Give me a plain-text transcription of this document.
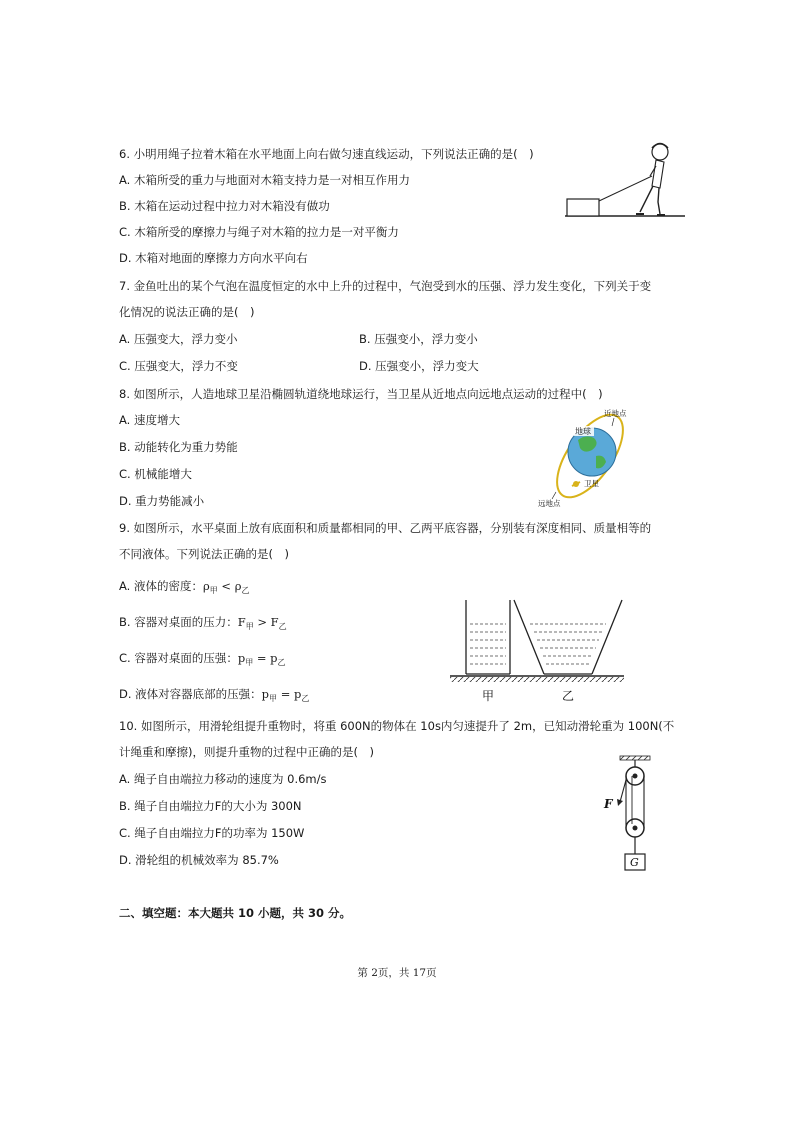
6. 小明用绳子拉着木箱在水平地面上向右做匀速直线运动，下列说法正确的是(　)
A. 木箱所受的重力与地面对木箱支持力是一对相互作用力
B. 木箱在运动过程中拉力对木箱没有做功
C. 木箱所受的摩擦力与绳子对木箱的拉力是一对平衡力
D. 木箱对地面的摩擦力方向水平向右
7. 金鱼吐出的某个气泡在温度恒定的水中上升的过程中，气泡受到水的压强、浮力发生变化，下列关于变
化情况的说法正确的是(　)
A. 压强变大，浮力变小	B. 压强变小，浮力变小
C. 压强变大，浮力不变	D. 压强变小，浮力变大
8. 如图所示，人造地球卫星沿椭圆轨道绕地球运行，当卫星从近地点向远地点运动的过程中(　)
A. 速度增大
B. 动能转化为重力势能
C. 机械能增大
D. 重力势能减小
地球
近地点
卫星
远地点
9. 如图所示，水平桌面上放有底面积和质量都相同的甲、乙两平底容器，分别装有深度相同、质量相等的
不同液体。下列说法正确的是(　)
A. 液体的密度：$\rho_甲 < \rho_乙$
B. 容器对桌面的压力：$F_甲 > F_乙$
C. 容器对桌面的压强：$p_甲 = p_乙$
D. 液体对容器底部的压强：$p_甲 = p_乙$	甲	乙
10. 如图所示，用滑轮组提升重物时，将重 600N的物体在 10s内匀速提升了 2m，已知动滑轮重为 100N(不
计绳重和摩擦)，则提升重物的过程中正确的是(　)
A. 绳子自由端拉力移动的速度为 0.6m/s
B. 绳子自由端拉力F的大小为 300N
C. 绳子自由端拉力F的功率为 150W
D. 滑轮组的机械效率为 85.7%
F
G
二、填空题：本大题共 10 小题，共 30 分。
第 2页，共 17页
